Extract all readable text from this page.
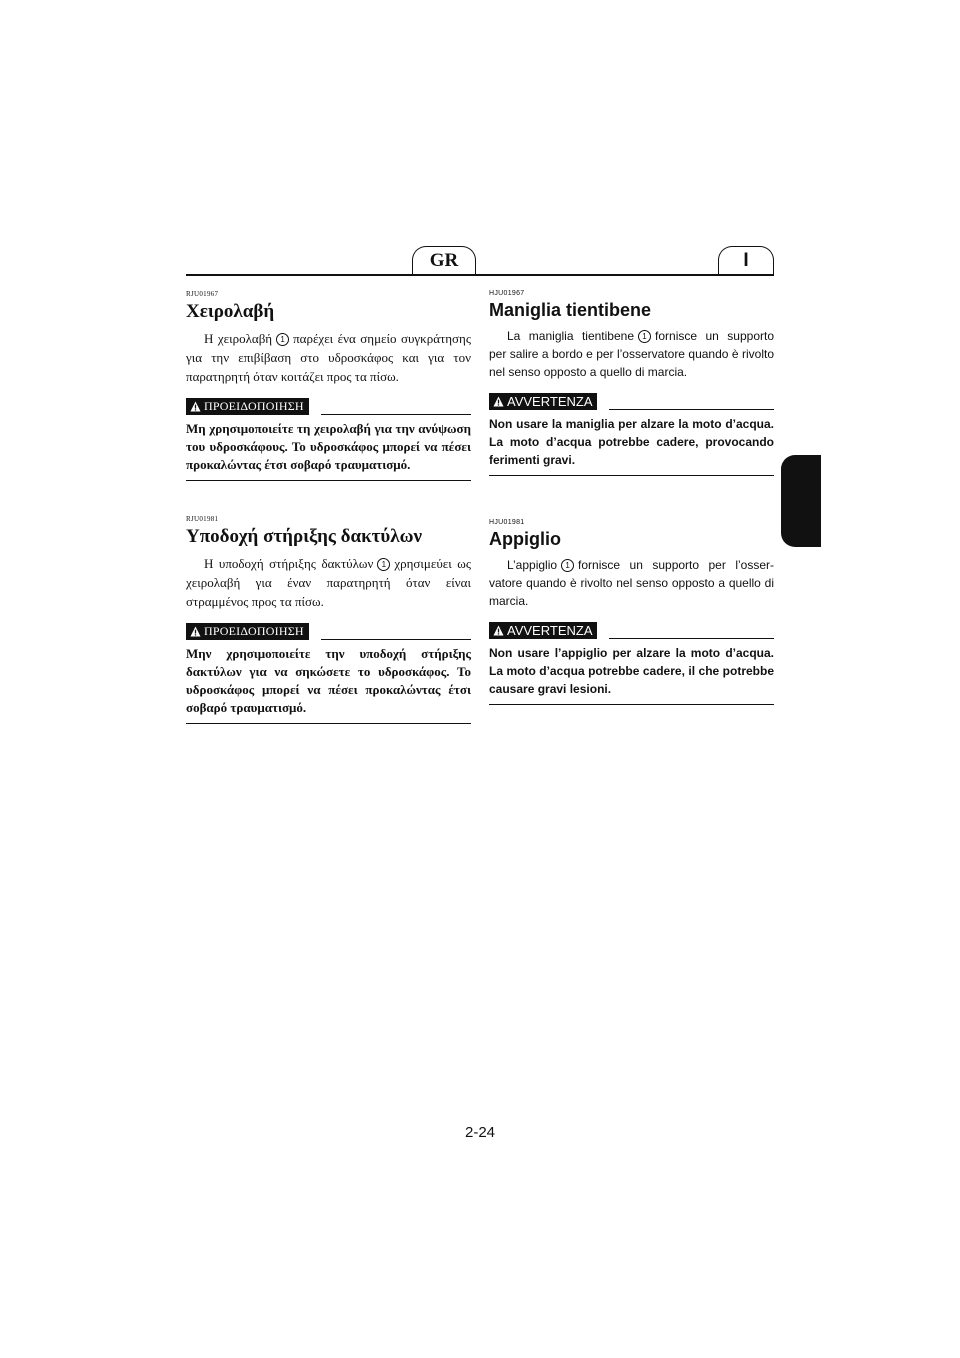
GR	I
RJU01967
Χειρολαβή

Η χειρολαβή 1 παρέχει ένα σημείο συγκράτησης για την επιβίβαση στο υδροσκάφος και για τον παρατηρητή όταν κοιτάζει προς τα πίσω.

ΠΡΟΕΙΔΟΠΟΙΗΣΗ

Μη χρησιμοποιείτε τη χειρολαβή για την ανύψωση του υδροσκάφους. Το υδροσκάφος μπορεί να πέσει προκαλώντας έτσι σοβαρό τραυματισμό.

RJU01981
Υποδοχή στήριξης δακτύλων

Η υποδοχή στήριξης δακτύλων 1 χρησιμεύει ως χειρολαβή για έναν παρατηρητή όταν είναι στραμμένος προς τα πίσω.

ΠΡΟΕΙΔΟΠΟΙΗΣΗ

Μην χρησιμοποιείτε την υποδοχή στήριξης δακτύλων για να σηκώσετε το υδροσκάφος. Το υδροσκάφος μπορεί να πέσει προκαλώντας έτσι σοβαρό τραυματισμό.

HJU01967
Maniglia tientibene

La maniglia tientibene 1 fornisce un supporto per salire a bordo e per l’osservatore quando è rivolto nel senso opposto a quello di marcia.

AVVERTENZA

Non usare la maniglia per alzare la moto d’acqua. La moto d’acqua potrebbe cadere, provocando ferimenti gravi.

HJU01981
Appiglio

L’appiglio 1 fornisce un supporto per l’osser-vatore quando è rivolto nel senso opposto a quello di marcia.

AVVERTENZA

Non usare l’appiglio per alzare la moto d’acqua. La moto d’acqua potrebbe cadere, il che potrebbe causare gravi lesioni.

2-24
